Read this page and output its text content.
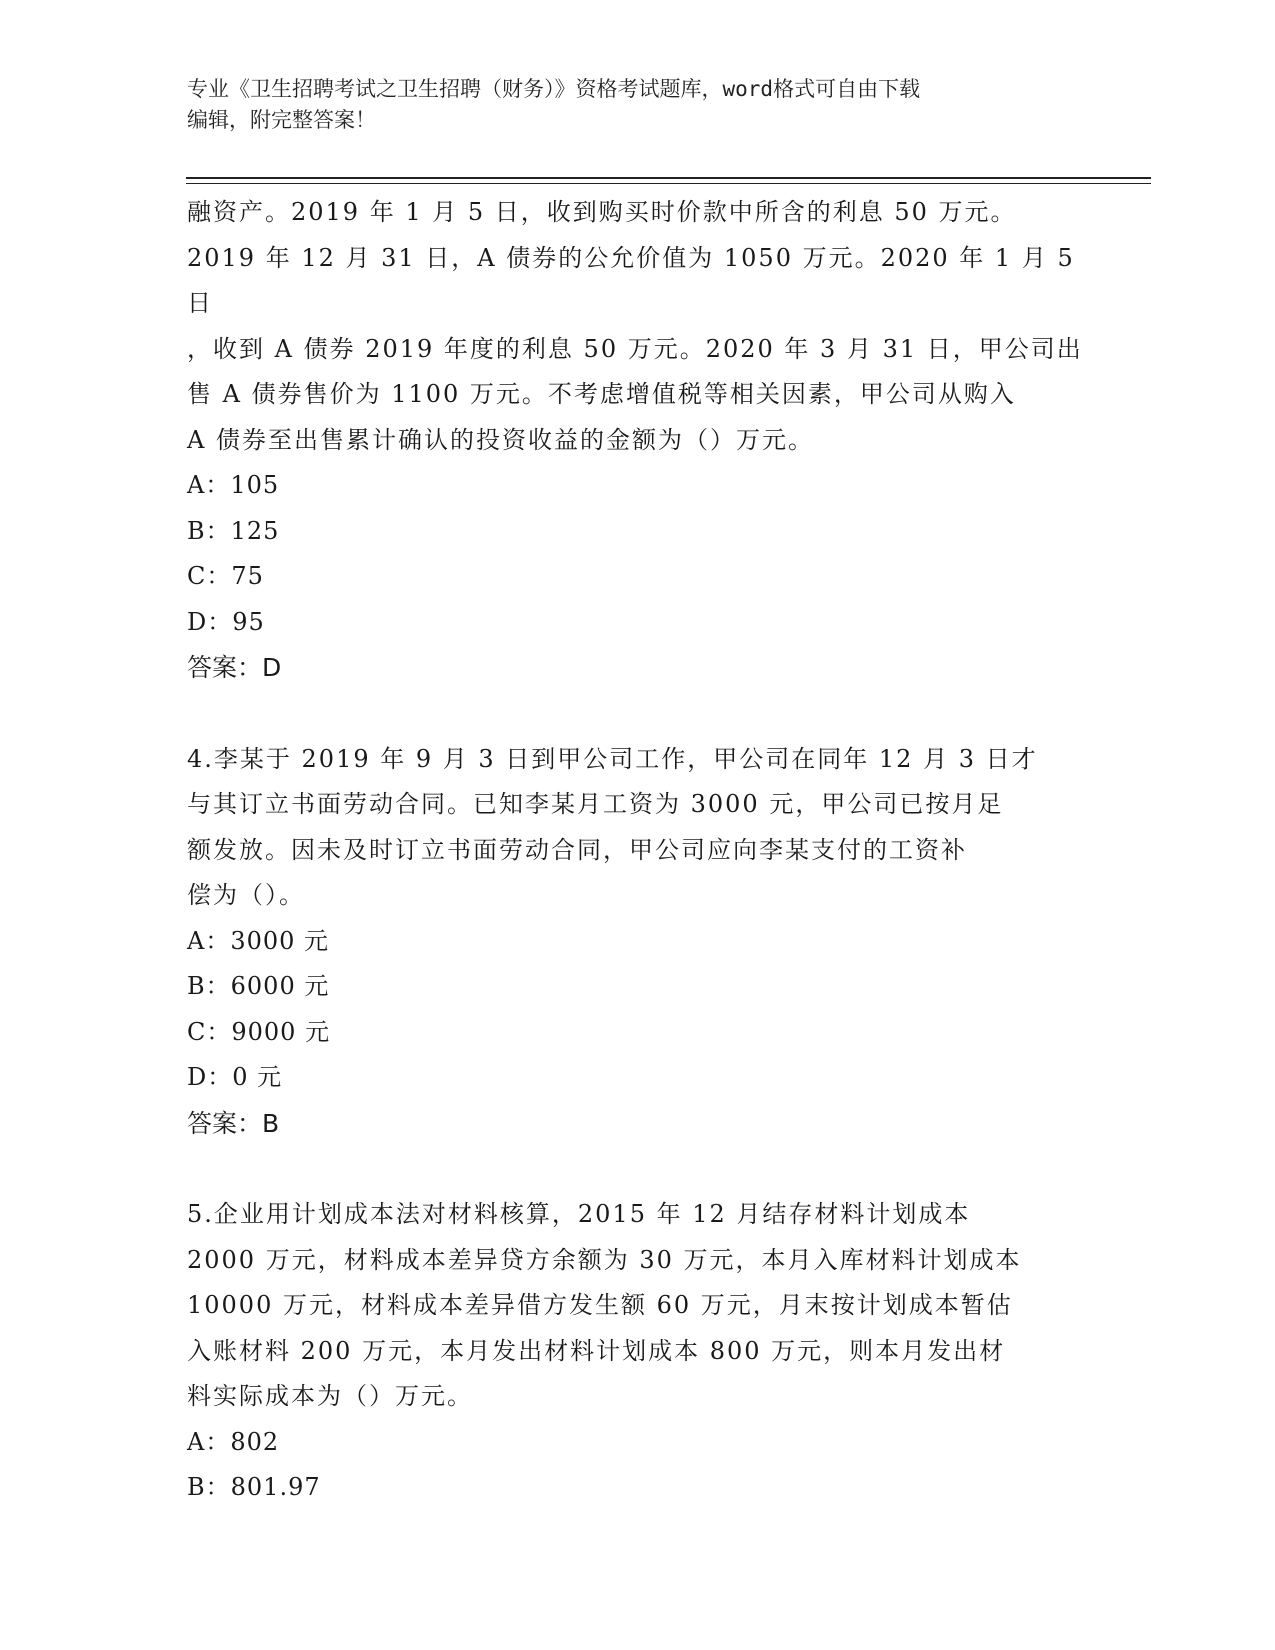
专业《卫生招聘考试之卫生招聘（财务）》资格考试题库，word格式可自由下载
编辑，附完整答案！
融资产。2019 年 1 月 5 日，收到购买时价款中所含的利息 50 万元。
2019 年 12 月 31 日，A 债券的公允价值为 1050 万元。2020 年 1 月 5 日
，收到 A 债券 2019 年度的利息 50 万元。2020 年 3 月 31 日，甲公司出
售 A 债券售价为 1100 万元。不考虑增值税等相关因素，甲公司从购入
A 债券至出售累计确认的投资收益的金额为（）万元。
A：105
B：125
C：75
D：95
答案：D
4.李某于 2019 年 9 月 3 日到甲公司工作，甲公司在同年 12 月 3 日才
与其订立书面劳动合同。已知李某月工资为 3000 元，甲公司已按月足
额发放。因未及时订立书面劳动合同，甲公司应向李某支付的工资补
偿为（）。
A：3000 元
B：6000 元
C：9000 元
D：0 元
答案：B
5.企业用计划成本法对材料核算，2015 年 12 月结存材料计划成本
2000 万元，材料成本差异贷方余额为 30 万元，本月入库材料计划成本
10000 万元，材料成本差异借方发生额 60 万元，月末按计划成本暂估
入账材料 200 万元，本月发出材料计划成本 800 万元，则本月发出材
料实际成本为（）万元。
A：802
B：801.97
